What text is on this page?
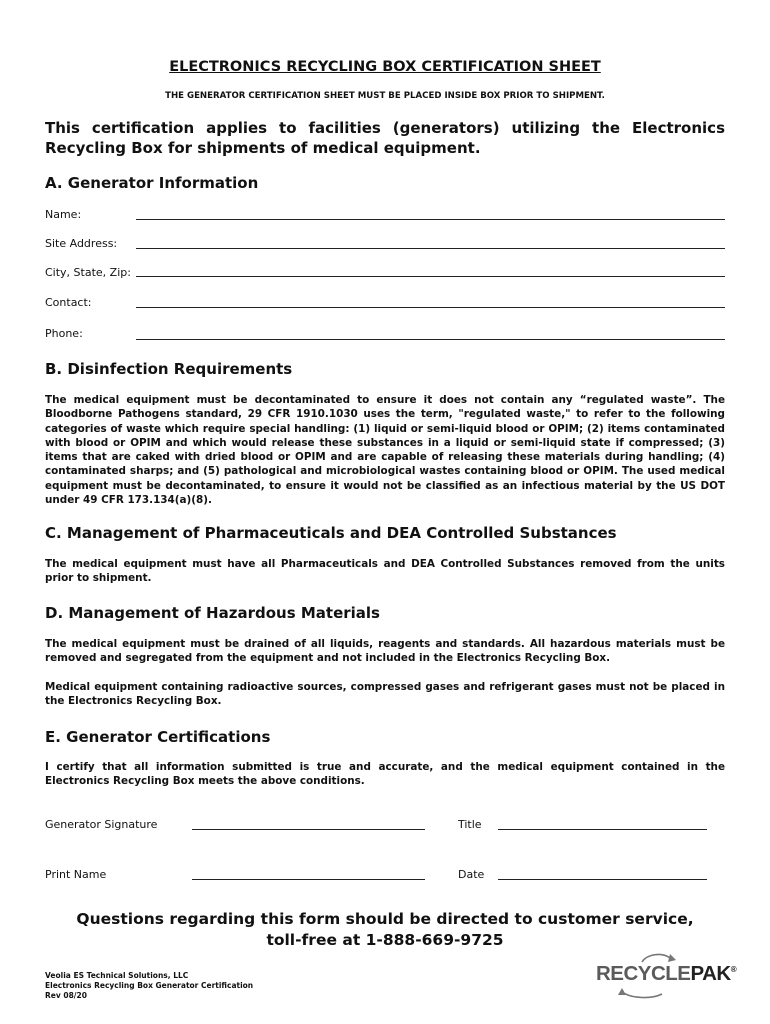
ELECTRONICS RECYCLING BOX CERTIFICATION SHEET
THE GENERATOR CERTIFICATION SHEET MUST BE PLACED INSIDE BOX PRIOR TO SHIPMENT.
This certification applies to facilities (generators) utilizing the Electronics Recycling Box for shipments of medical equipment.
A. Generator Information
Name:
Site Address:
City, State, Zip:
Contact:
Phone:
B. Disinfection Requirements
The medical equipment must be decontaminated to ensure it does not contain any “regulated waste”. The Bloodborne Pathogens standard, 29 CFR 1910.1030 uses the term, "regulated waste," to refer to the following categories of waste which require special handling: (1) liquid or semi-liquid blood or OPIM; (2) items contaminated with blood or OPIM and which would release these substances in a liquid or semi-liquid state if compressed; (3) items that are caked with dried blood or OPIM and are capable of releasing these materials during handling; (4) contaminated sharps; and (5) pathological and microbiological wastes containing blood or OPIM. The used medical equipment must be decontaminated, to ensure it would not be classified as an infectious material by the US DOT under 49 CFR 173.134(a)(8).
C. Management of Pharmaceuticals and DEA Controlled Substances
The medical equipment must have all Pharmaceuticals and DEA Controlled Substances removed from the units prior to shipment.
D. Management of Hazardous Materials
The medical equipment must be drained of all liquids, reagents and standards. All hazardous materials must be removed and segregated from the equipment and not included in the Electronics Recycling Box.
Medical equipment containing radioactive sources, compressed gases and refrigerant gases must not be placed in the Electronics Recycling Box.
E. Generator Certifications
I certify that all information submitted is true and accurate, and the medical equipment contained in the Electronics Recycling Box meets the above conditions.
Generator Signature	Title
Print Name	Date
Questions regarding this form should be directed to customer service,
toll-free at 1-888-669-9725
Veolia ES Technical Solutions, LLC
Electronics Recycling Box Generator Certification
Rev 08/20
RECYCLEPAK®
